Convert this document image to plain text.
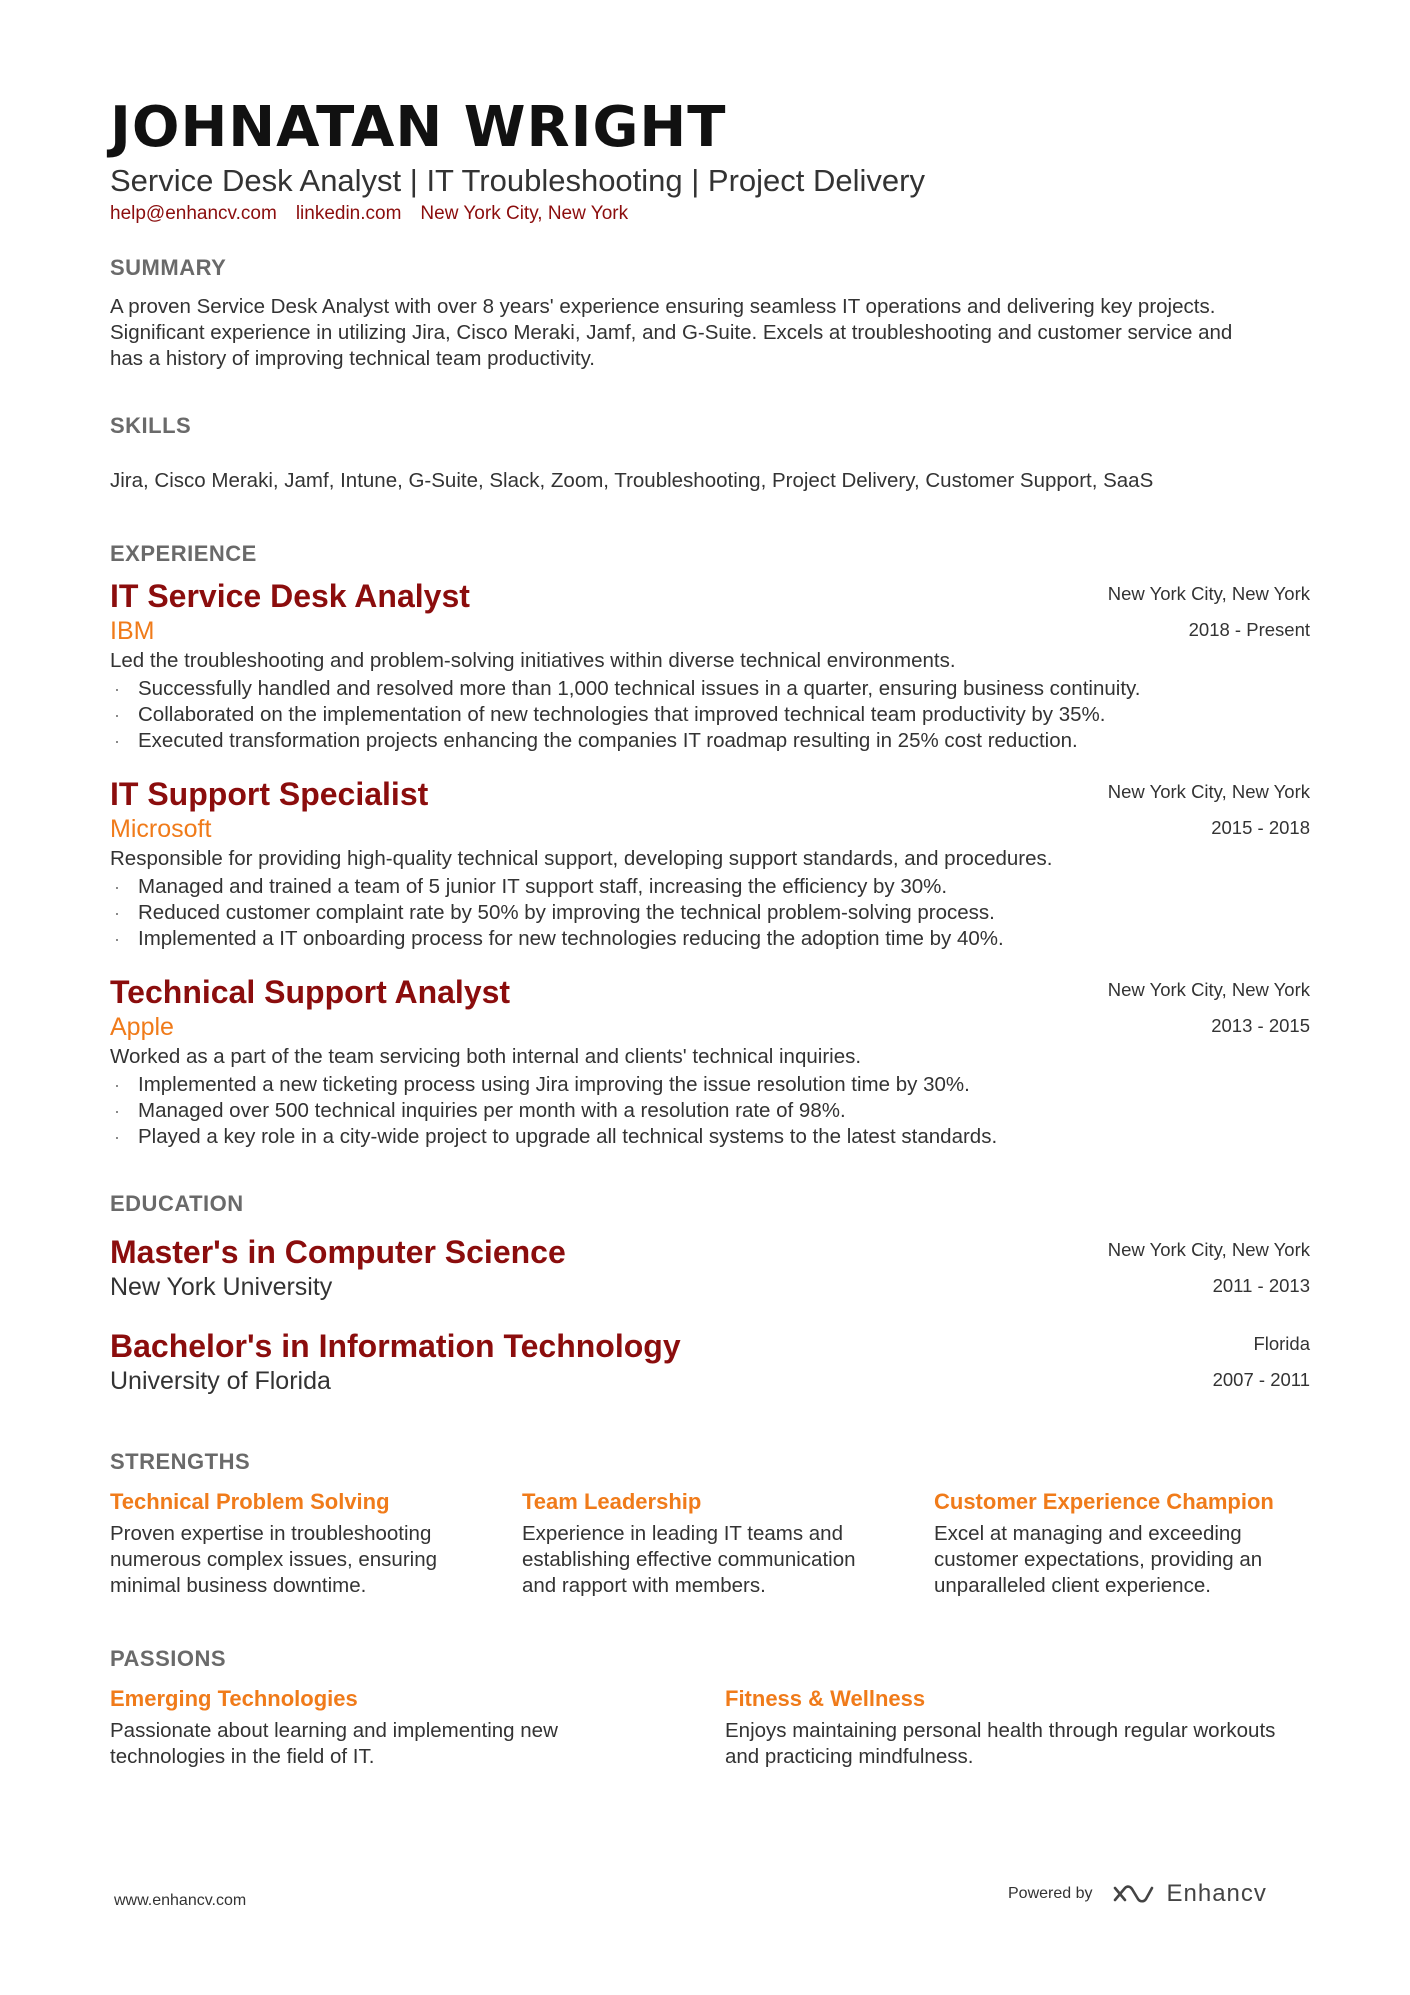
JOHNATAN WRIGHT
Service Desk Analyst | IT Troubleshooting | Project Delivery
help@enhancv.com linkedin.com New York City, New York
SUMMARY
A proven Service Desk Analyst with over 8 years' experience ensuring seamless IT operations and delivering key projects. Significant experience in utilizing Jira, Cisco Meraki, Jamf, and G-Suite. Excels at troubleshooting and customer service and has a history of improving technical team productivity.
SKILLS
Jira, Cisco Meraki, Jamf, Intune, G-Suite, Slack, Zoom, Troubleshooting, Project Delivery, Customer Support, SaaS
EXPERIENCE
New York City, New York
2018 - Present
IT Service Desk Analyst
IBM
Led the troubleshooting and problem-solving initiatives within diverse technical environments.
· Successfully handled and resolved more than 1,000 technical issues in a quarter, ensuring business continuity.
· Collaborated on the implementation of new technologies that improved technical team productivity by 35%.
· Executed transformation projects enhancing the companies IT roadmap resulting in 25% cost reduction.
New York City, New York
2015 - 2018
IT Support Specialist
Microsoft
Responsible for providing high-quality technical support, developing support standards, and procedures.
· Managed and trained a team of 5 junior IT support staff, increasing the efficiency by 30%.
· Reduced customer complaint rate by 50% by improving the technical problem-solving process.
· Implemented a IT onboarding process for new technologies reducing the adoption time by 40%.
New York City, New York
2013 - 2015
Technical Support Analyst
Apple
Worked as a part of the team servicing both internal and clients' technical inquiries.
· Implemented a new ticketing process using Jira improving the issue resolution time by 30%.
· Managed over 500 technical inquiries per month with a resolution rate of 98%.
· Played a key role in a city-wide project to upgrade all technical systems to the latest standards.
EDUCATION
New York City, New York
2011 - 2013
Master's in Computer Science
New York University
Florida
2007 - 2011
Bachelor's in Information Technology
University of Florida
STRENGTHS
Technical Problem Solving
Proven expertise in troubleshooting numerous complex issues, ensuring minimal business downtime.
Team Leadership
Experience in leading IT teams and establishing effective communication and rapport with members.
Customer Experience Champion
Excel at managing and exceeding customer expectations, providing an unparalleled client experience.
PASSIONS
Emerging Technologies
Passionate about learning and implementing new technologies in the field of IT.
Fitness & Wellness
Enjoys maintaining personal health through regular workouts and practicing mindfulness.
www.enhancv.com	Powered by	Enhancv
